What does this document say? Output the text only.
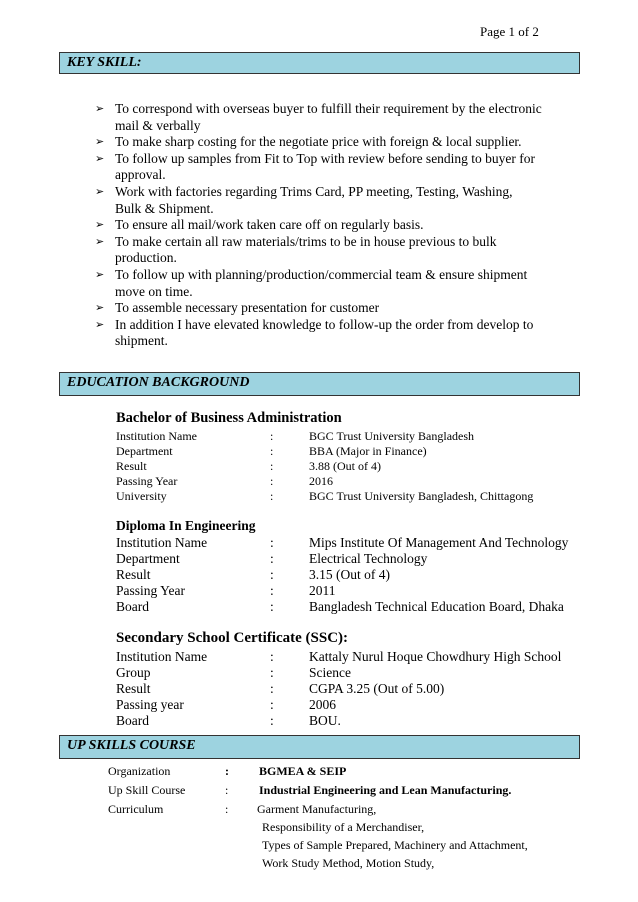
Page 1 of 2
KEY SKILL:
➢ To correspond with overseas buyer to fulfill their requirement by the electronic
mail & verbally
➢ To make sharp costing for the negotiate price with foreign & local supplier.
➢ To follow up samples from Fit to Top with review before sending to buyer for
approval.
➢ Work with factories regarding Trims Card, PP meeting, Testing, Washing,
Bulk & Shipment.
➢ To ensure all mail/work taken care off on regularly basis.
➢ To make certain all raw materials/trims to be in house previous to bulk
production.
➢ To follow up with planning/production/commercial team & ensure shipment
move on time.
➢ To assemble necessary presentation for customer
➢ In addition I have elevated knowledge to follow-up the order from develop to
shipment.
EDUCATION BACKGROUND
Bachelor of Business Administration
Institution Name	:	BGC Trust University Bangladesh
Department	:	BBA (Major in Finance)
Result	:	3.88 (Out of 4)
Passing Year	:	2016
University	:	BGC Trust University Bangladesh, Chittagong
Diploma In Engineering
Institution Name	:	Mips Institute Of Management And Technology
Department	:	Electrical Technology
Result	:	3.15 (Out of 4)
Passing Year	:	2011
Board	:	Bangladesh Technical Education Board, Dhaka
Secondary School Certificate (SSC):
Institution Name	:	Kattaly Nurul Hoque Chowdhury High School
Group	:	Science
Result	:	CGPA 3.25 (Out of 5.00)
Passing year	:	2006
Board	:	BOU.
UP SKILLS COURSE
Organization	:	BGMEA & SEIP
Up Skill Course	:	Industrial Engineering and Lean Manufacturing.
Curriculum	: Garment Manufacturing,
Responsibility of a Merchandiser,
Types of Sample Prepared, Machinery and Attachment,
Work Study Method, Motion Study,
